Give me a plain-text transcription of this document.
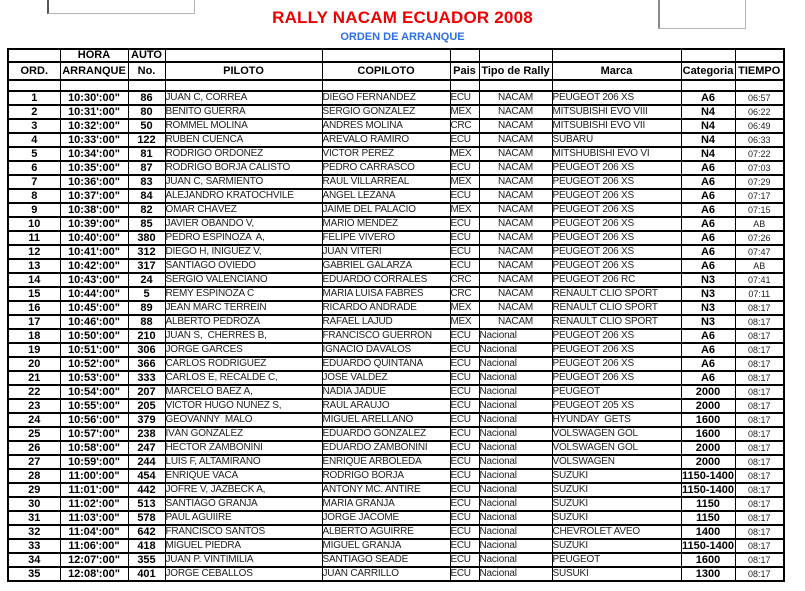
RALLY NACAM ECUADOR 2008
ORDEN DE ARRANQUE
	HORA	AUTO							
ORD.	ARRANQUE	No.	PILOTO	COPILOTO	Pais	Tipo de Rally	Marca	Categoria	TIEMPO

1	10:30':00"	86	JUAN C, CORREA	DIEGO FERNANDEZ	ECU	NACAM	PEUGEOT 206 XS	A6	06:57
2	10:31':00"	80	BENITO GUERRA	SERGIO GONZALEZ	MEX	NACAM	MITSUBISHI EVO VIII	N4	06:22
3	10:32':00"	50	ROMMEL MOLINA	ANDRES MOLINA	CRC	NACAM	MITSUBISHI EVO VII	N4	06:49
4	10:33':00"	122	RUBEN CUENCA	AREVALO RAMIRO	ECU	NACAM	SUBARU	N4	06:33
5	10:34':00"	81	RODRIGO ORDOÑEZ	VICTOR PÉREZ	MEX	NACAM	MITSHUBISHI EVO VI	N4	07:22
6	10:35':00"	87	RODRIGO BORJA CALISTO	PEDRO CARRASCO	ECU	NACAM	PEUGEOT 206 XS	A6	07:03
7	10:36':00"	83	JUAN C, SARMIENTO	RAUL VILLARREAL	MEX	NACAM	PEUGEOT 206 XS	A6	07:29
8	10:37':00"	84	ALEJANDRO KRATOCHVILE	ANGEL LEZANA	ECU	NACAM	PEUGEOT 206 XS	A6	07:17
9	10:38':00"	82	OMAR CHÁVEZ	JAIME DEL PALACIO	MEX	NACAM	PEUGEOT 206 XS	A6	07:15
10	10:39':00"	85	JAVIER OBANDO V,	MARIO MENDEZ	ECU	NACAM	PEUGEOT 206 XS	A6	AB
11	10:40':00"	380	PEDRO ESPINOZA  A,	FELIPE VIVERO	ECU	NACAM	PEUGEOT 206 XS	A6	07:26
12	10:41':00"	312	DIEGO H, IÑIGUEZ V,	JUAN VITERI	ECU	NACAM	PEUGEOT 206 XS	A6	07:47
13	10:42':00"	317	SANTIAGO OVIEDO	GABRIEL GALARZA	ECU	NACAM	PEUGEOT 206 XS	A6	AB
14	10:43':00"	24	SERGIO VALENCIANO	EDUARDO CORRALES	CRC	NACAM	PEUGEOT 206 RC	N3	07:41
15	10:44':00"	5	REMY ESPINOZA C	MARIA LUISA FABRES	CRC	NACAM	RENAULT CLIO SPORT	N3	07:11
16	10:45':00"	89	JEAN MARC TERREIN	RICARDO ANDRADE	MEX	NACAM	RENAULT CLIO SPORT	N3	08:17
17	10:46':00"	88	ALBERTO PEDROZA	RAFAEL LAJUD	MEX	NACAM	RENAULT CLIO SPORT	N3	08:17
18	10:50':00"	210	JUAN S,  CHERRES B,	FRANCISCO GUERRON	ECU	Nacional	PEUGEOT 206 XS	A6	08:17
19	10:51':00"	306	JORGE GARCES	IGNACIO DÁVALOS	ECU	Nacional	PEUGEOT 206 XS	A6	08:17
20	10:52':00"	366	CARLOS RODRIGUEZ	EDUARDO QUINTANA	ECU	Nacional	PEUGEOT 206 XS	A6	08:17
21	10:53':00"	333	CARLOS E, RECALDE C,	JOSE VALDEZ	ECU	Nacional	PEUGEOT 206 XS	A6	08:17
22	10:54':00"	207	MARCELO BAEZ A,	NADIA JADUE	ECU	Nacional	PEUGEOT	2000	08:17
23	10:55':00"	205	VICTOR HUGO NUÑEZ S,	RAÚL ARAUJO	ECU	Nacional	PEUGEOT 205 XS	2000	08:17
24	10:56':00"	379	GEOVANNY  MALO	MIGUEL ARELLANO	ECU	Nacional	HYUNDAY  GETS	1600	08:17
25	10:57':00"	238	IVÁN GONZALEZ	EDUARDO GONZALEZ	ECU	Nacional	VOLSWAGEN GOL	1600	08:17
26	10:58':00"	247	HECTOR ZAMBONINI	EDUARDO ZAMBONINI	ECU	Nacional	VOLSWAGEN GOL	2000	08:17
27	10:59':00"	244	LUIS F, ALTAMIRANO	ENRIQUE ARBOLEDA	ECU	Nacional	VOLSWAGEN	2000	08:17
28	11:00':00"	454	ENRIQUE VACA	RODRIGO BORJA	ECU	Nacional	SUZUKI	1150-1400	08:17
29	11:01':00"	442	JOFRE V, JAZBECK A,	ANTONY MC. ANTIRE	ECU	Nacional	SUZUKI	1150-1400	08:17
30	11:02':00"	513	SANTIAGO GRANJA	MARÍA GRANJA	ECU	Nacional	SUZUKI	1150	08:17
31	11:03':00"	578	PAÚL AGUIIRE	JORGE JÁCOME	ECU	Nacional	SUZUKI	1150	08:17
32	11:04':00"	642	FRANCISCO SANTOS	ALBERTO AGUIRRE	ECU	Nacional	CHEVROLET AVEO	1400	08:17
33	11:06':00"	418	MIGUEL PIEDRA	MIGUEL GRANJA	ECU	Nacional	SUZUKI	1150-1400	08:17
34	12:07':00"	355	JUAN P. VINTIMILIA	SANTIAGO SEADE	ECU	Nacional	PEUGEOT	1600	08:17
35	12:08':00"	401	JORGE CEBALLOS	JUAN CARRILLO	ECU	Nacional	SUSUKI	1300	08:17
